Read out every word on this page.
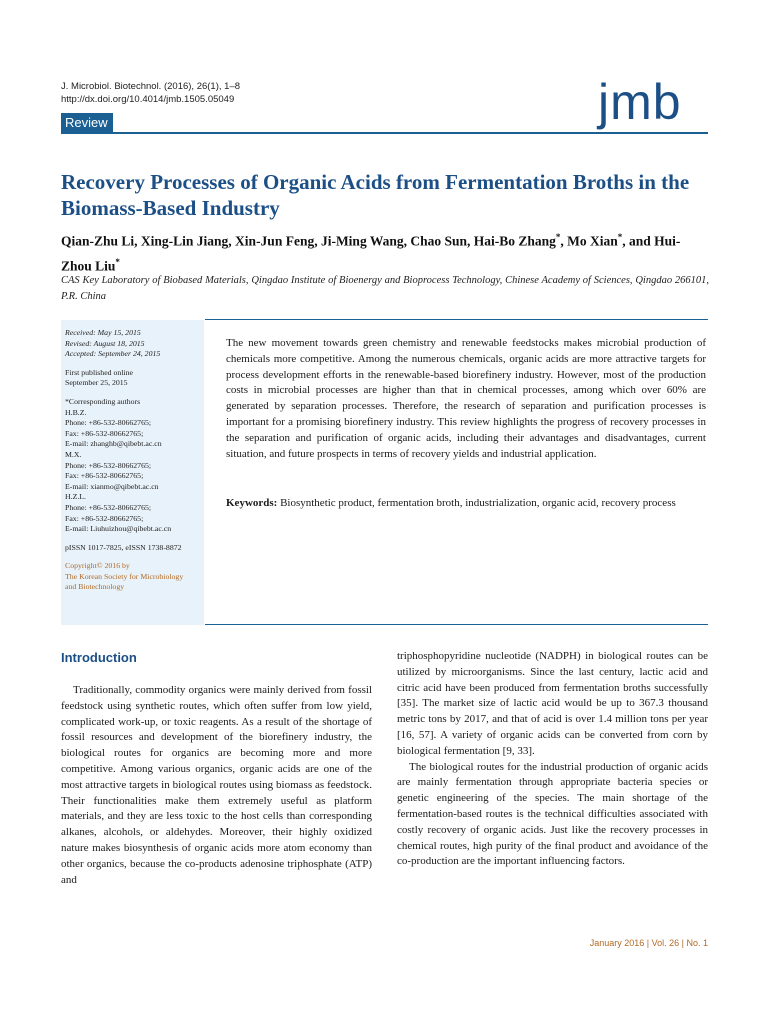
J. Microbiol. Biotechnol. (2016), 26(1), 1–8
http://dx.doi.org/10.4014/jmb.1505.05049	jmb
Review
Recovery Processes of Organic Acids from Fermentation Broths in the Biomass-Based Industry
Qian-Zhu Li, Xing-Lin Jiang, Xin-Jun Feng, Ji-Ming Wang, Chao Sun, Hai-Bo Zhang*, Mo Xian*, and Hui-Zhou Liu*
CAS Key Laboratory of Biobased Materials, Qingdao Institute of Bioenergy and Bioprocess Technology, Chinese Academy of Sciences, Qingdao 266101, P.R. China
Received: May 15, 2015
Revised: August 18, 2015
Accepted: September 24, 2015
First published online
September 25, 2015
*Corresponding authors
H.B.Z.
Phone: +86-532-80662765;
Fax: +86-532-80662765;
E-mail: zhanghb@qibebt.ac.cn
M.X.
Phone: +86-532-80662765;
Fax: +86-532-80662765;
E-mail: xianmo@qibebt.ac.cn
H.Z.L.
Phone: +86-532-80662765;
Fax: +86-532-80662765;
E-mail: Liuhuizhou@qibebt.ac.cn
pISSN 1017-7825, eISSN 1738-8872
Copyright© 2016 by
The Korean Society for Microbiology
and Biotechnology
The new movement towards green chemistry and renewable feedstocks makes microbial production of chemicals more competitive. Among the numerous chemicals, organic acids are more attractive targets for process development efforts in the renewable-based biorefinery industry. However, most of the production costs in microbial processes are higher than that in chemical processes, among which over 60% are generated by separation processes. Therefore, the research of separation and purification processes is important for a promising biorefinery industry. This review highlights the progress of recovery processes in the separation and purification of organic acids, including their advantages and disadvantages, current situation, and future prospects in terms of recovery yields and industrial application.
Keywords: Biosynthetic product, fermentation broth, industrialization, organic acid, recovery process
Introduction

Traditionally, commodity organics were mainly derived from fossil feedstock using synthetic routes, which often suffer from low yield, complicated work-up, or toxic reagents. As a result of the shortage of fossil resources and development of the biorefinery industry, the biological routes for organics are becoming more and more competitive. Among various organics, organic acids are one of the most attractive targets in biological routes using biomass as feedstock. Their functionalities make them extremely useful as platform materials, and they are less toxic to the host cells than corresponding alkanes, alcohols, or aldehydes. Moreover, their highly oxidized nature makes biosynthesis of organic acids more atom economy than other organics, because the co-products adenosine triphosphate (ATP) and

triphosphopyridine nucleotide (NADPH) in biological routes can be utilized by microorganisms. Since the last century, lactic acid and citric acid have been produced from fermentation broths successfully [35]. The market size of lactic acid would be up to 367.3 thousand metric tons by 2017, and that of acid is over 1.4 million tons per year [16, 57]. A variety of organic acids can be converted from corn by biological fermentation [9, 33].

The biological routes for the industrial production of organic acids are mainly fermentation through appropriate bacteria species or genetic engineering of the species. The main shortage of the fermentation-based routes is the technical difficulties associated with costly recovery of organic acids. Just like the recovery processes in chemical routes, high purity of the final product and avoidance of the co-production are the important influencing factors.

January 2016 | Vol. 26 | No. 1
